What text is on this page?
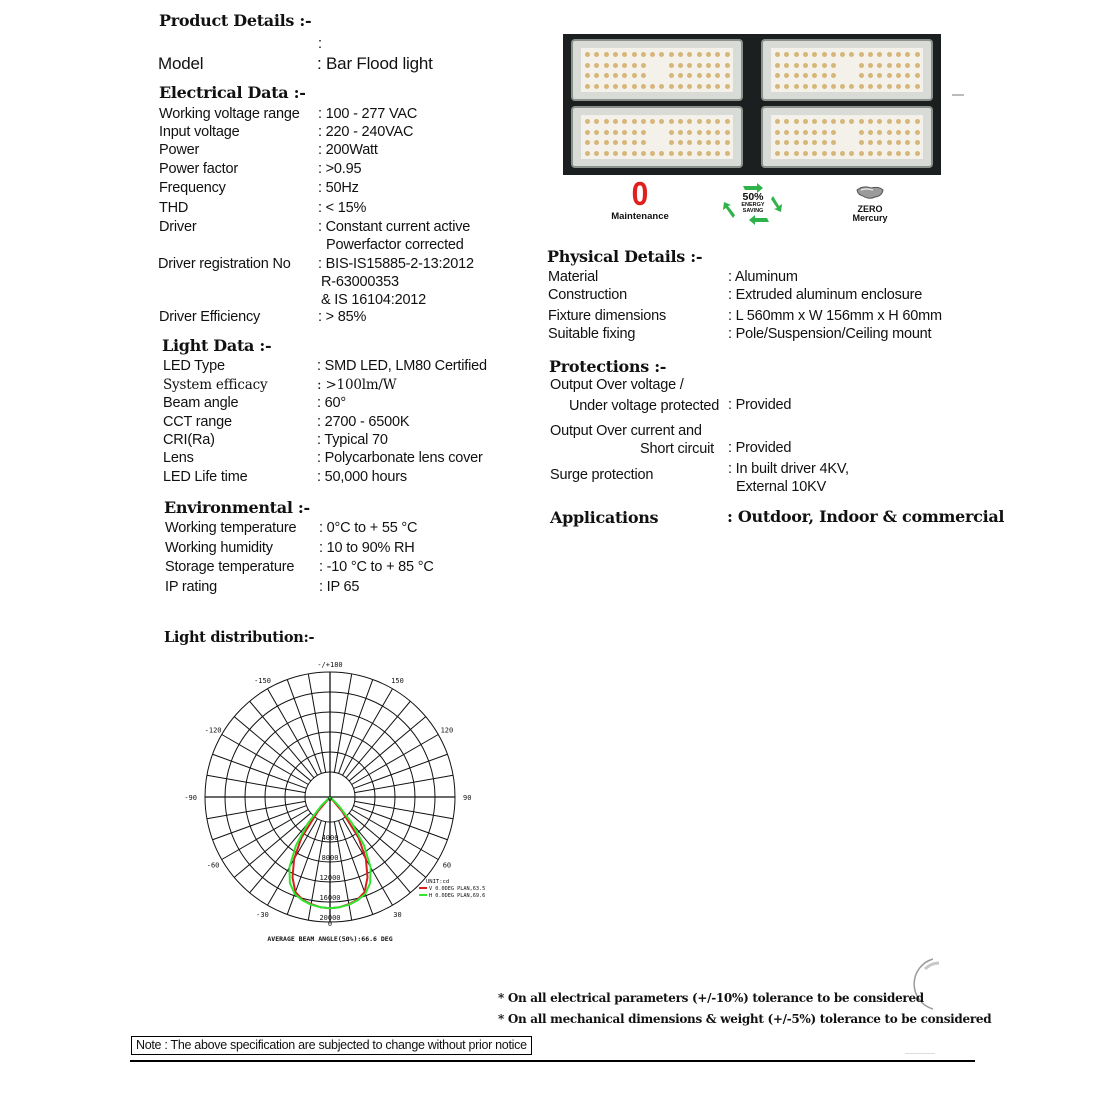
Product Details :-
:
Model	: Bar Flood light
Electrical Data :-
Working voltage range : 100 - 277 VAC
Input voltage	: 220 - 240VAC
Power	: 200Watt
Power factor	: >0.95
Frequency	: 50Hz
THD	: < 15%
Driver	: Constant current active
Powerfactor corrected
Driver registration No : BIS-IS15885-2-13:2012
R-63000353
& IS 16104:2012
Driver Efficiency	: > 85%
Light Data :-
LED Type	: SMD LED, LM80 Certified
System efficacy	: >100lm/W
Beam angle	: 60°
CCT range	: 2700 - 6500K
CRI(Ra)	: Typical 70
Lens	: Polycarbonate lens cover
LED Life time	: 50,000 hours
Environmental :-
Working temperature : 0°C to + 55 °C
Working humidity	: 10 to 90% RH
Storage temperature : -10 °C to + 85 °C
IP rating	: IP 65
Light distribution:-
0
Maintenance
50%
ENERGY
SAVING	ZERO
Mercury
Physical Details :-
Material	: Aluminum
Construction	: Extruded aluminum enclosure
Fixture dimensions	: L 560mm x W 156mm x H 60mm
Suitable fixing	: Pole/Suspension/Ceiling mount
Protections :-
Output Over voltage /
Under voltage protected : Provided
Output Over current and
Short circuit : Provided
Surge protection	: In built driver 4KV,
External 10KV
Applications	: Outdoor, Indoor & commercial
-/+180
-150	150
-120	120
-90	90
-60	60
-30	30
0
0
4000
8000
12000
16000
20000
UNIT:cd
V 0.0DEG PLAN,63.5
H 0.0DEG PLAN,69.6
AVERAGE BEAM ANGLE(50%):66.6 DEG
* On all electrical parameters (+/-10%) tolerance to be considered
* On all mechanical dimensions & weight (+/-5%) tolerance to be considered
Note : The above specification are subjected to change without prior notice
